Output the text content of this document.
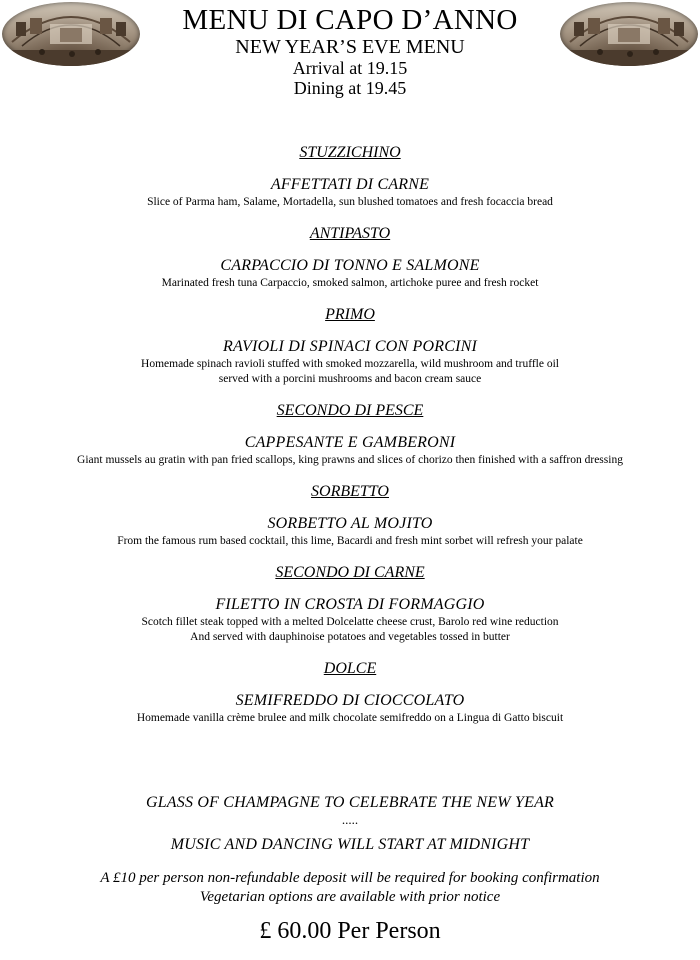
MENU DI CAPO D’ANNO
NEW YEAR’S EVE MENU
Arrival at 19.15
Dining at 19.45
STUZZICHINO
AFFETTATI DI CARNE
Slice of Parma ham, Salame, Mortadella, sun blushed tomatoes and fresh focaccia bread
ANTIPASTO
CARPACCIO DI TONNO E SALMONE
Marinated fresh tuna Carpaccio, smoked salmon, artichoke puree and fresh rocket
PRIMO
RAVIOLI DI SPINACI CON PORCINI
Homemade spinach ravioli stuffed with smoked mozzarella, wild mushroom and truffle oil
served with a porcini mushrooms and bacon cream sauce
SECONDO DI PESCE
CAPPESANTE E GAMBERONI
Giant mussels au gratin with pan fried scallops, king prawns and slices of chorizo then finished with a saffron dressing
SORBETTO
SORBETTO AL MOJITO
From the famous rum based cocktail, this lime, Bacardi and fresh mint sorbet will refresh your palate
SECONDO DI CARNE
FILETTO IN CROSTA DI FORMAGGIO
Scotch fillet steak topped with a melted Dolcelatte cheese crust, Barolo red wine reduction
And served with dauphinoise potatoes and vegetables tossed in butter
DOLCE
SEMIFREDDO DI CIOCCOLATO
Homemade vanilla crème brulee and milk chocolate semifreddo on a Lingua di Gatto biscuit
GLASS OF CHAMPAGNE TO CELEBRATE THE NEW YEAR
.....
MUSIC AND DANCING WILL START AT MIDNIGHT
A £10 per person non-refundable deposit will be required for booking confirmation
Vegetarian options are available with prior notice
£ 60.00 Per Person
